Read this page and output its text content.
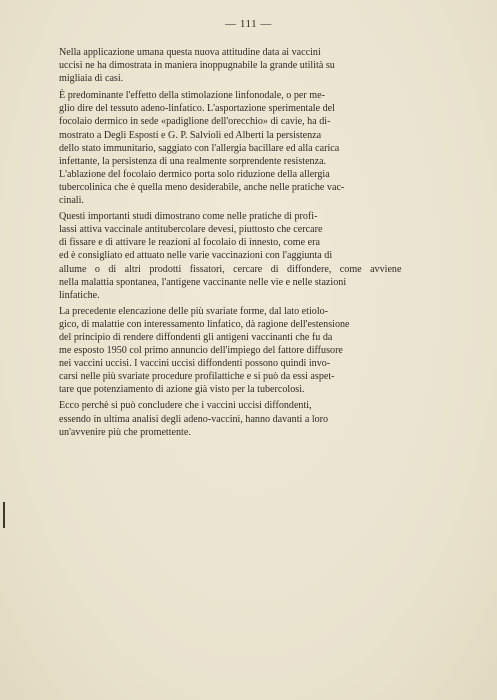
— 111 —
Nella applicazione umana questa nuova attitudine data ai vaccini
uccisi ne ha dimostrata in maniera inoppugnabile la grande utilità su
migliaia di casi.
È predominante l'effetto della stimolazione linfonodale, o per me-
glio dire del tessuto adeno-linfatico. L'asportazione sperimentale del
focolaio dermico in sede «padiglione dell'orecchio» di cavie, ha di-
mostrato a Degli Esposti e G. P. Salvioli ed Alberti la persistenza
dello stato immunitario, saggiato con l'allergia bacillare ed alla carica
infettante, la persistenza di una realmente sorprendente resistenza.
L'ablazione del focolaio dermico porta solo riduzione della allergia
tubercolinica che è quella meno desiderabile, anche nelle pratiche vac-
cinali.
Questi importanti studi dimostrano come nelle pratiche di profi-
lassi attiva vaccinale antitubercolare devesi, piuttosto che cercare
di fissare e di attivare le reazioni al focolaio di innesto, come era
ed è consigliato ed attuato nelle varie vaccinazioni con l'aggiunta di
allume o di altri prodotti fissatori, cercare di diffondere, come avviene
nella malattia spontanea, l'antigene vaccinante nelle vie e nelle stazioni
linfatiche.
La precedente elencazione delle più svariate forme, dal lato etiolo-
gico, di malattie con interessamento linfatico, dà ragione dell'estensione
del principio di rendere diffondenti gli antigeni vaccinanti che fu da
me esposto 1950 col primo annuncio dell'impiego del fattore diffusore
nei vaccini uccisi. I vaccini uccisi diffondenti possono quindi invo-
carsi nelle più svariate procedure profilattiche e si può da essi aspet-
tare que potenziamento di azione già visto per la tubercolosi.
Ecco perchè si può concludere che i vaccini uccisi diffondenti,
essendo in ultima analisi degli adeno-vaccini, hanno davanti a loro
un'avvenire più che promettente.
